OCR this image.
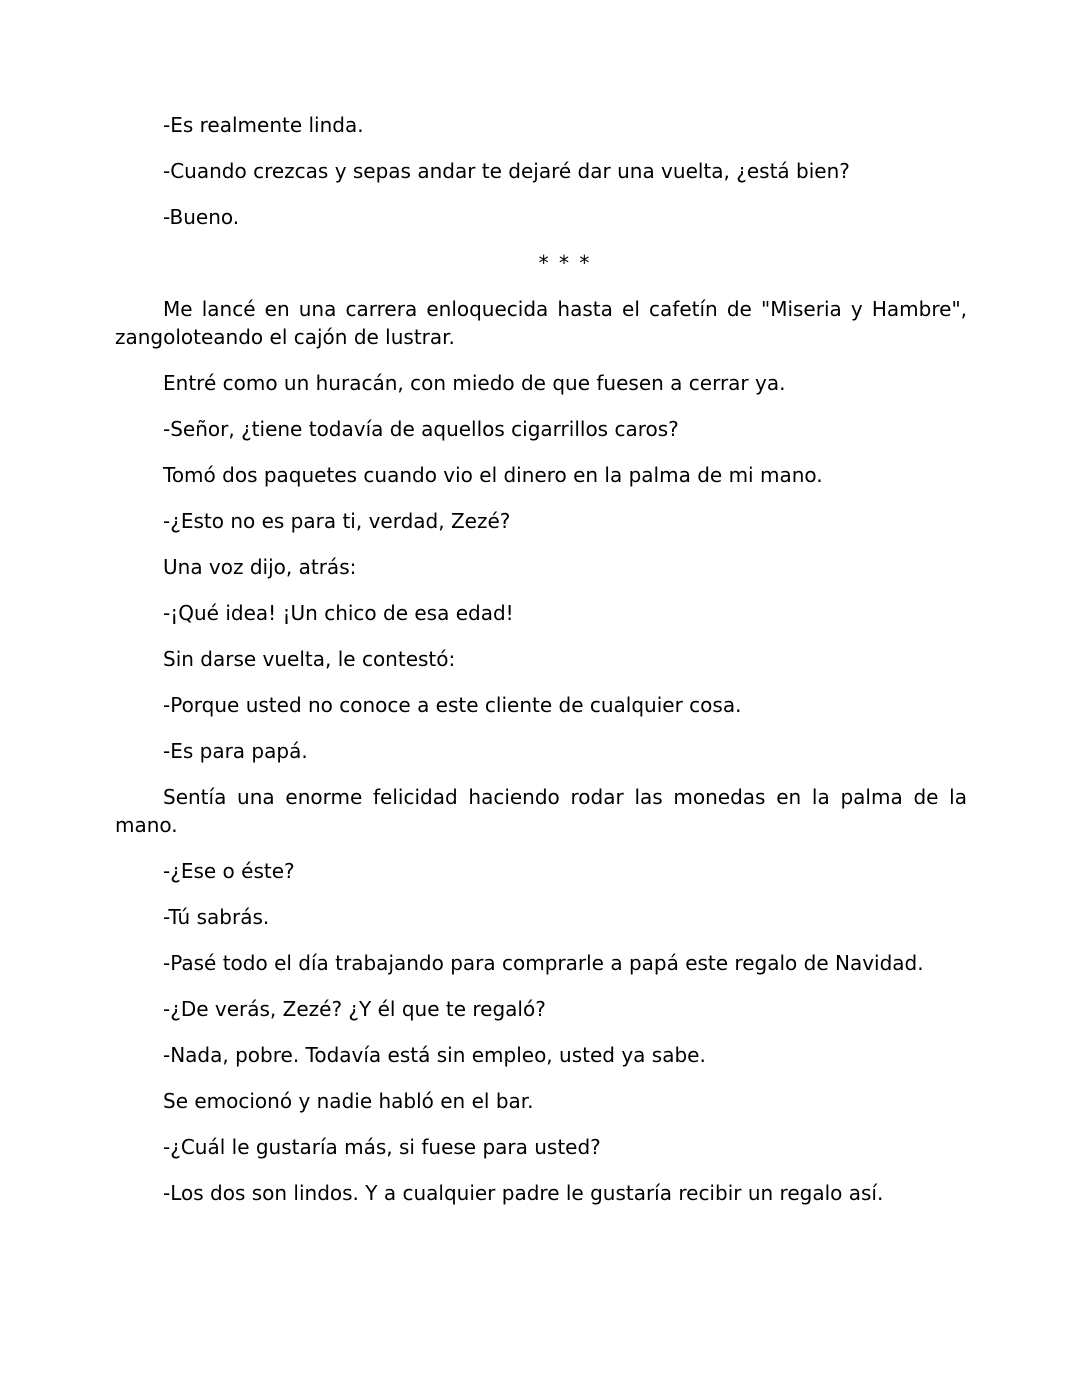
-Es realmente linda.

-Cuando crezcas y sepas andar te dejaré dar una vuelta, ¿está bien?

-Bueno.

* * *

Me lancé en una carrera enloquecida hasta el cafetín de "Miseria y Hambre", zangoloteando el cajón de lustrar.

Entré como un huracán, con miedo de que fuesen a cerrar ya.

-Señor, ¿tiene todavía de aquellos cigarrillos caros?

Tomó dos paquetes cuando vio el dinero en la palma de mi mano.

-¿Esto no es para ti, verdad, Zezé?

Una voz dijo, atrás:

-¡Qué idea! ¡Un chico de esa edad!

Sin darse vuelta, le contestó:

-Porque usted no conoce a este cliente de cualquier cosa.

-Es para papá.

Sentía una enorme felicidad haciendo rodar las monedas en la palma de la mano.

-¿Ese o éste?

-Tú sabrás.

-Pasé todo el día trabajando para comprarle a papá este regalo de Navidad.

-¿De verás, Zezé? ¿Y él que te regaló?

-Nada, pobre. Todavía está sin empleo, usted ya sabe.

Se emocionó y nadie habló en el bar.

-¿Cuál le gustaría más, si fuese para usted?

-Los dos son lindos. Y a cualquier padre le gustaría recibir un regalo así.
